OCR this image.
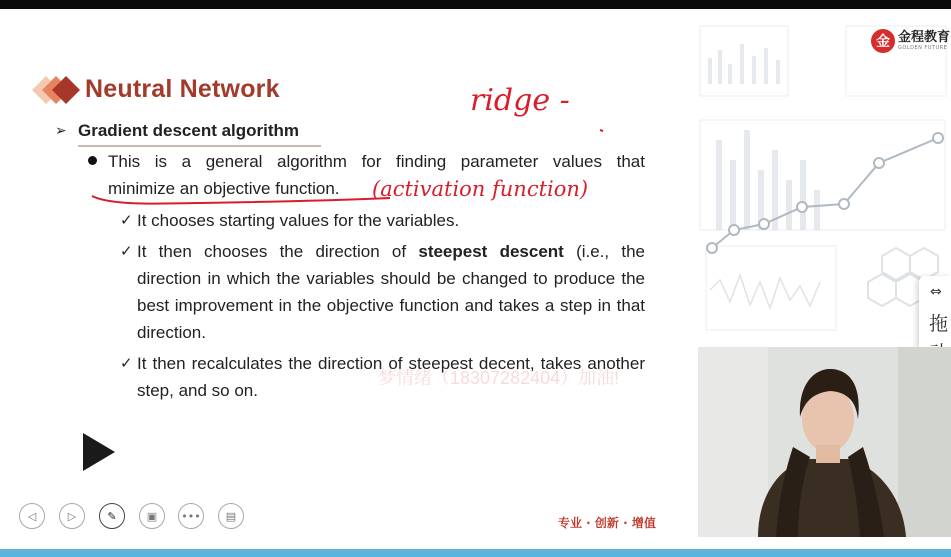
金 金程教育
GOLDEN FUTURE
Neutral Network
➢ Gradient descent algorithm
This is a general algorithm for finding parameter values that
minimize an objective function.
✓ It chooses starting values for the variables.
✓ It then chooses the direction of steepest descent (i.e., the direction in which the variables should be changed to produce the best improvement in the objective function and takes a step in that direction.
✓ It then recalculates the direction of steepest decent, takes another step, and so on.
梦情绪（18307282404）加油!
◁	▷	✎	▣ ••• ▤	专业 · 创新 · 增值
ridge -
(activation function)
⇔
拖
